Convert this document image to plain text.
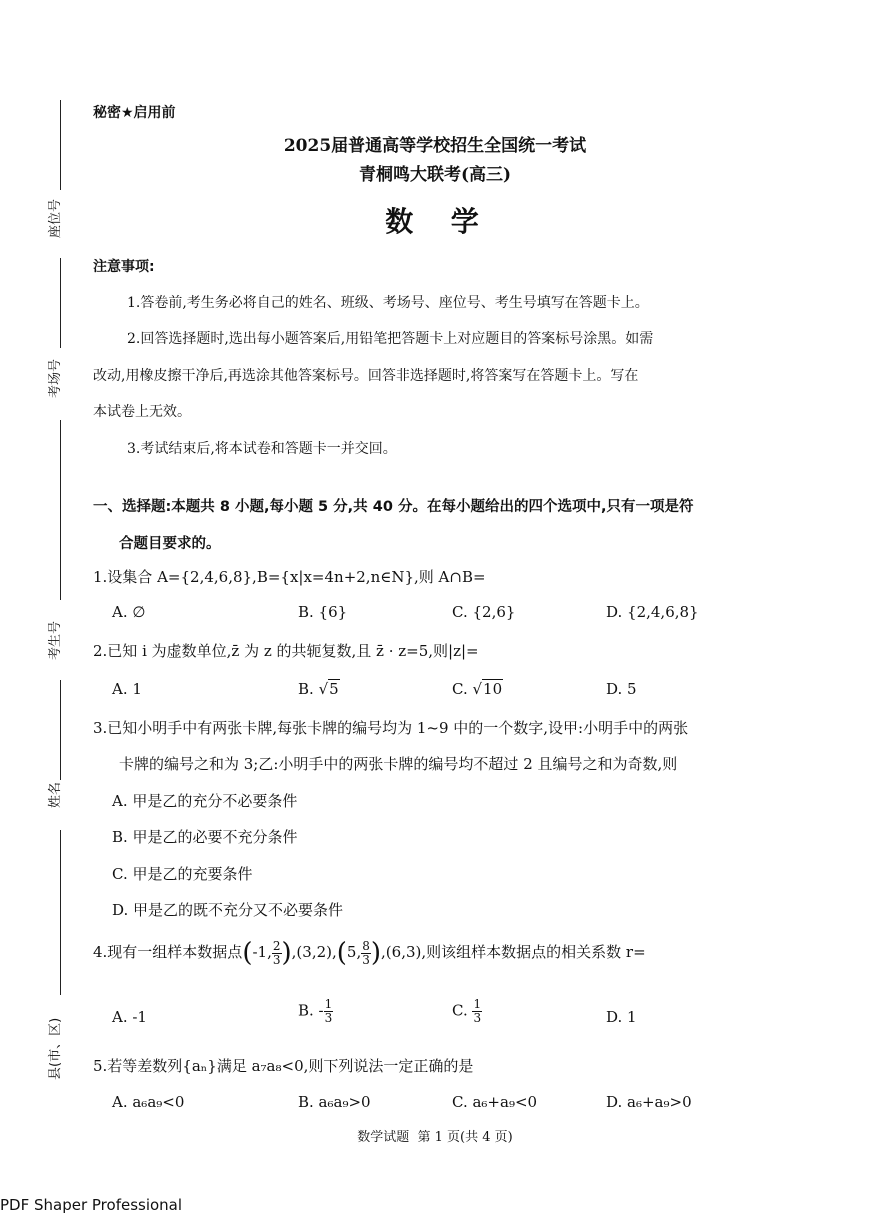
座位号
考场号
考生号
姓名
县(市、区)
秘密★启用前
2025届普通高等学校招生全国统一考试
青桐鸣大联考(高三)
数  学
注意事项:
1.答卷前,考生务必将自己的姓名、班级、考场号、座位号、考生号填写在答题卡上。
2.回答选择题时,选出每小题答案后,用铅笔把答题卡上对应题目的答案标号涂黑。如需
改动,用橡皮擦干净后,再选涂其他答案标号。回答非选择题时,将答案写在答题卡上。写在
本试卷上无效。
3.考试结束后,将本试卷和答题卡一并交回。
一、选择题:本题共 8 小题,每小题 5 分,共 40 分。在每小题给出的四个选项中,只有一项是符
合题目要求的。
1.设集合 A={2,4,6,8},B={x|x=4n+2,n∈N},则 A∩B=
A. ∅	B. {6}	C. {2,6}	D. {2,4,6,8}
2.已知 i 为虚数单位,z̄ 为 z 的共轭复数,且 z̄ · z=5,则|z|=
A. 1	B. √5	C. √10	D. 5
3.已知小明手中有两张卡牌,每张卡牌的编号均为 1~9 中的一个数字,设甲:小明手中的两张
卡牌的编号之和为 3;乙:小明手中的两张卡牌的编号均不超过 2 且编号之和为奇数,则
A. 甲是乙的充分不必要条件
B. 甲是乙的必要不充分条件
C. 甲是乙的充要条件
D. 甲是乙的既不充分又不必要条件
4.现有一组样本数据点(-1, $\frac{2}{3} ),(3,2),(5$, $\frac{8}{3} ),(6,3)$,则该组样本数据点的相关系数 r=
A. -1	B. - $\frac{1}{3}$	C. $\frac{1}{3}$	D. 1
5.若等差数列{aₙ}满足 a₇a₈<0,则下列说法一定正确的是
A. a₆a₉<0	B. a₆a₉>0	C. a₆+a₉<0	D. a₆+a₉>0
数学试题  第 1 页(共 4 页)
PDF Shaper Professional
